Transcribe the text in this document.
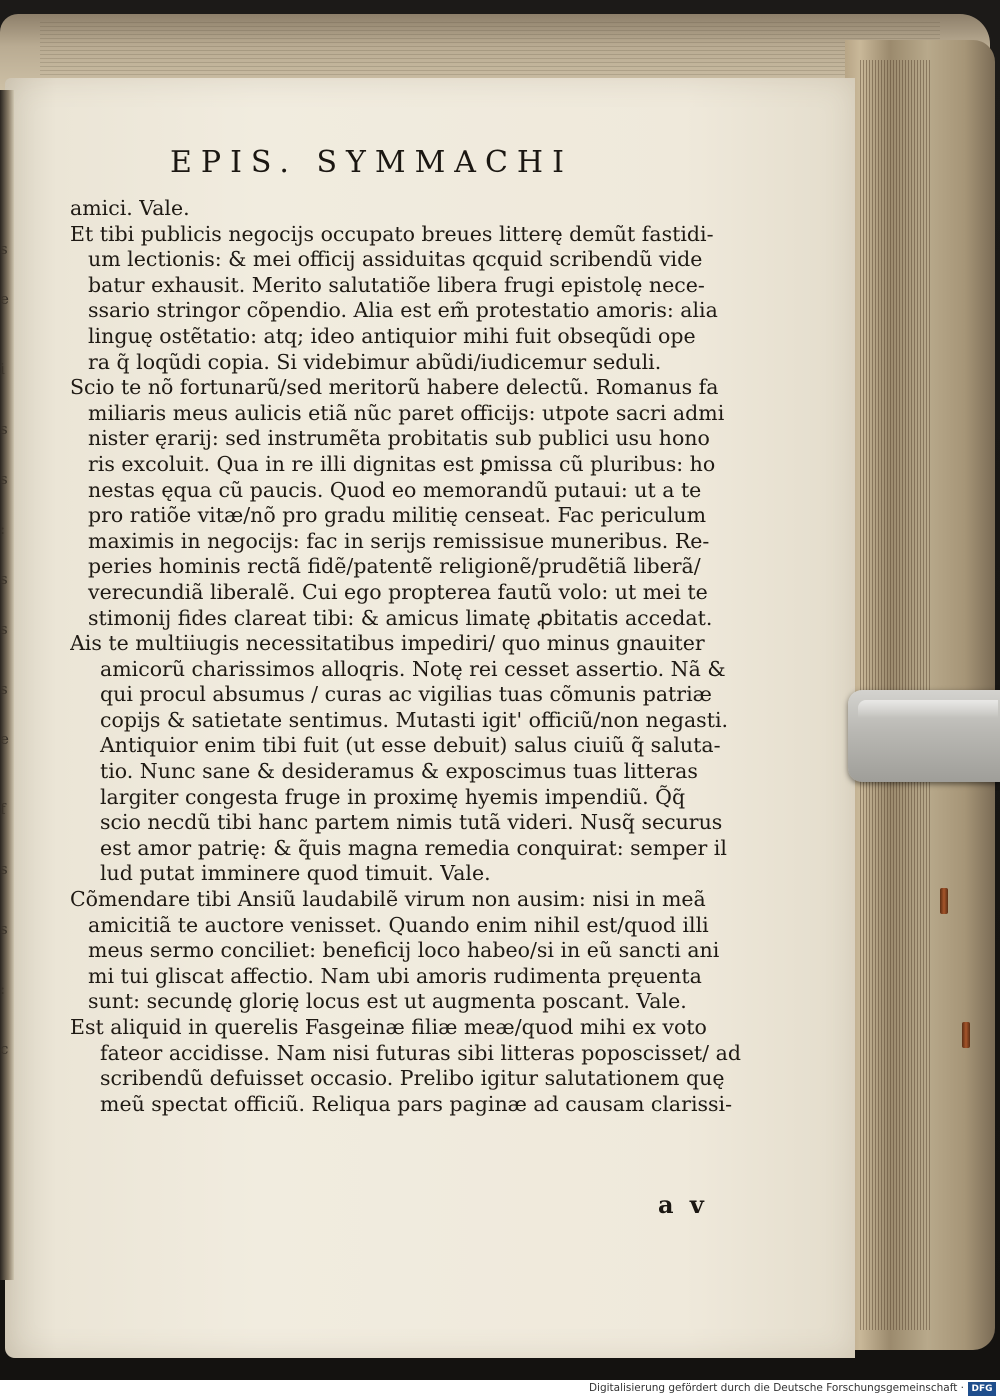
s
e
i
s
s
:
s
s
s
e
f
s
s
:
c
EPIS. SYMMACHI
amici. Vale.
Et tibi publicis negocijs occupato breues litterę demũt fastidi-
um lectionis: & mei officij assiduitas qcquid scribendũ vide
batur exhausit. Merito salutatiõe libera frugi epistolę nece-
ssario stringor cõpendio. Alia est em̃ protestatio amoris: alia
linguę ostẽtatio: atq; ideo antiquior mihi fuit obseqũdi ope
ra q̃ loqũdi copia. Si videbimur abũdi/iudicemur seduli.
Scio te nõ fortunarũ/sed meritorũ habere delectũ. Romanus fa
miliaris meus aulicis etiã nũc paret officijs: utpote sacri admi
nister ęrarij: sed instrumẽta probitatis sub publici usu hono
ris excoluit. Qua in re illi dignitas est ꝑmissa cũ pluribus: ho
nestas ęqua cũ paucis. Quod eo memorandũ putaui: ut a te
pro ratiõe vitæ/nõ pro gradu militię censeat. Fac periculum
maximis in negocijs: fac in serijs remissisue muneribus. Re-
peries hominis rectã fidẽ/patentẽ religionẽ/prudẽtiã liberã/
verecundiã liberalẽ. Cui ego propterea fautũ volo: ut mei te
stimonij fides clareat tibi: & amicus limatę ꝓbitatis accedat.
Ais te multiiugis necessitatibus impediri/ quo minus gnauiter
amicorũ charissimos alloqris. Notę rei cesset assertio. Nã &
qui procul absumus / curas ac vigilias tuas cõmunis patriæ
copijs & satietate sentimus. Mutasti igit' officiũ/non negasti.
Antiquior enim tibi fuit (ut esse debuit) salus ciuiũ q̃ saluta-
tio. Nunc sane & desideramus & exposcimus tuas litteras
largiter congesta fruge in proximę hyemis impendiũ. Q̃q̃
scio necdũ tibi hanc partem nimis tutã videri. Nusq̃ securus
est amor patrię: & q̃uis magna remedia conquirat: semper il
lud putat imminere quod timuit. Vale.
Cõmendare tibi Ansiũ laudabilẽ virum non ausim: nisi in meã
amicitiã te auctore venisset. Quando enim nihil est/quod illi
meus sermo conciliet: beneficij loco habeo/si in eũ sancti ani
mi tui gliscat affectio. Nam ubi amoris rudimenta pręuenta
sunt: secundę glorię locus est ut augmenta poscant. Vale.
Est aliquid in querelis Fasgeinæ filiæ meæ/quod mihi ex voto
fateor accidisse. Nam nisi futuras sibi litteras poposcisset/ ad
scribendũ defuisset occasio. Prelibo igitur salutationem quę
meũ spectat officiũ. Reliqua pars paginæ ad causam clarissi-
a v
Digitalisierung gefördert durch die Deutsche Forschungsgemeinschaft · DFG
